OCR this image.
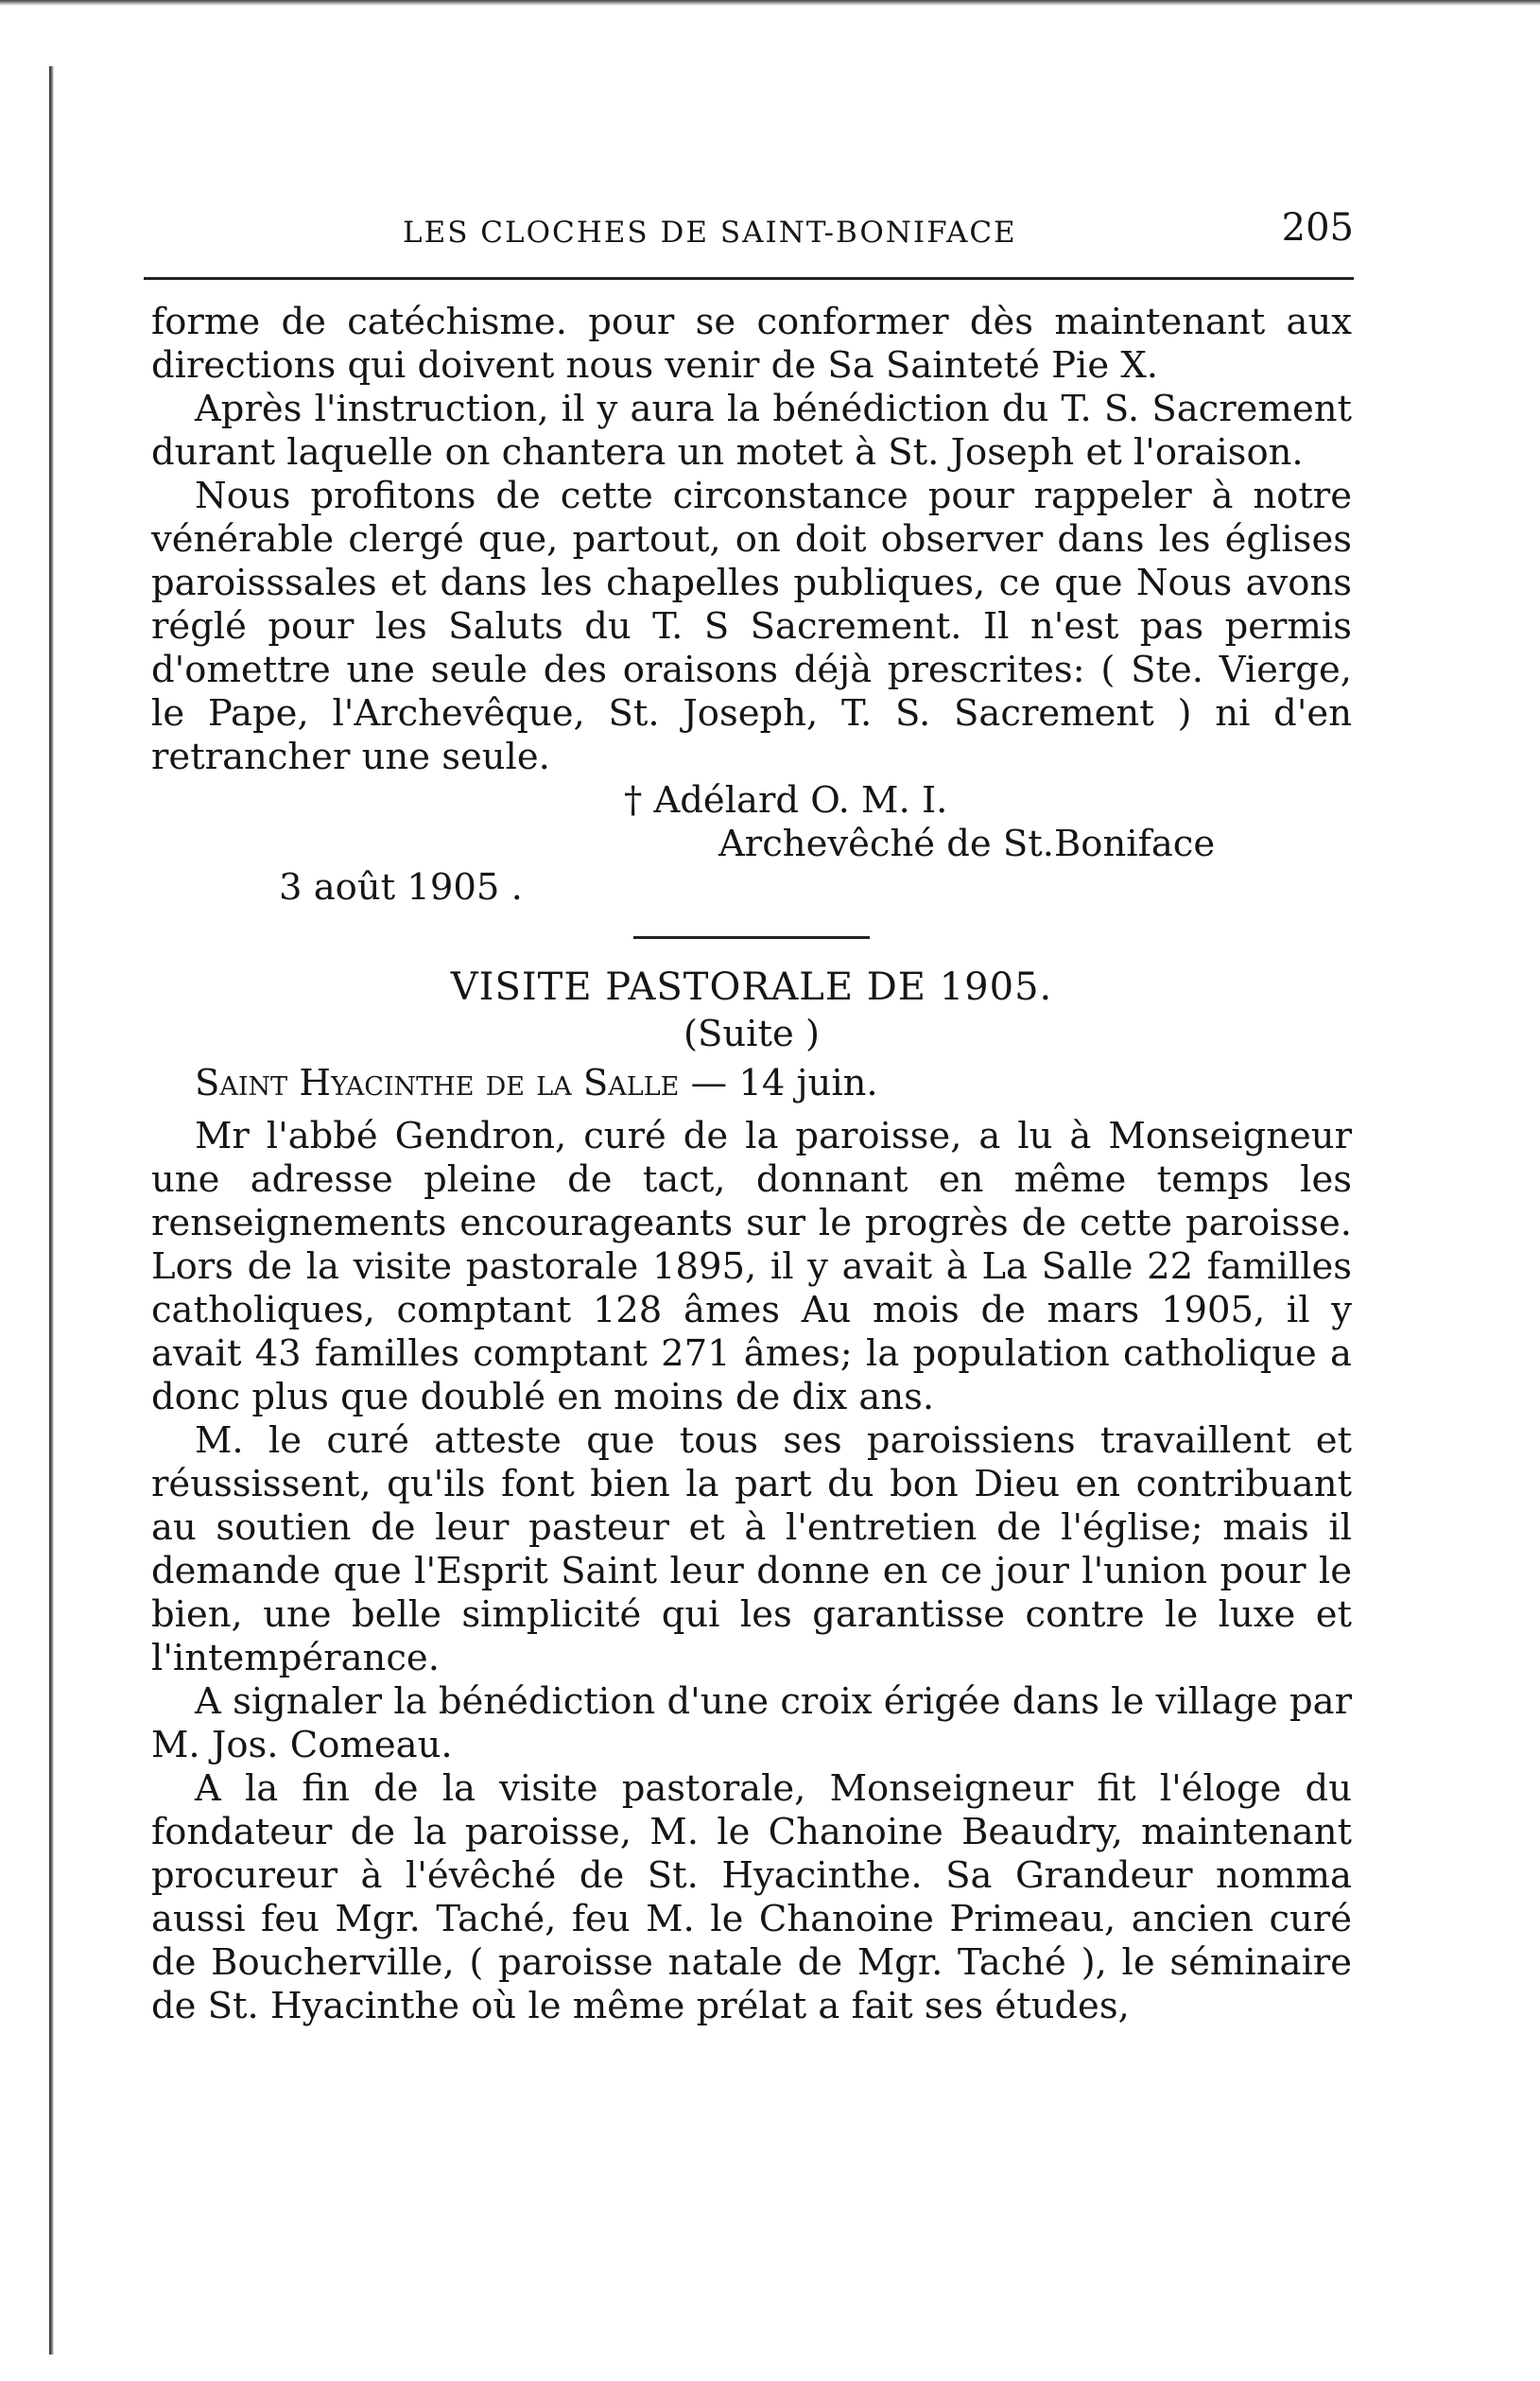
LES CLOCHES DE SAINT-BONIFACE	205

forme de catéchisme. pour se conformer dès maintenant aux directions qui doivent nous venir de Sa Sainteté Pie X.

Après l'instruction, il y aura la bénédiction du T. S. Sacrement durant laquelle on chantera un motet à St. Joseph et l'oraison.

Nous profitons de cette circonstance pour rappeler à notre vénérable clergé que, partout, on doit observer dans les églises paroisssales et dans les chapelles publiques, ce que Nous avons réglé pour les Saluts du T. S Sacrement. Il n'est pas permis d'omettre une seule des oraisons déjà prescrites: ( Ste. Vierge, le Pape, l'Archevêque, St. Joseph, T. S. Sacrement ) ni d'en retrancher une seule.

† Adélard O. M. I.
Archevêché de St.Boniface
3 août 1905 .
VISITE PASTORALE DE 1905.
(Suite )
Saint Hyacinthe de la Salle — 14 juin.

Mr l'abbé Gendron, curé de la paroisse, a lu à Monseigneur une adresse pleine de tact, donnant en même temps les renseignements encourageants sur le progrès de cette paroisse. Lors de la visite pastorale 1895, il y avait à La Salle 22 familles catholiques, comptant 128 âmes Au mois de mars 1905, il y avait 43 familles comptant 271 âmes; la population catholique a donc plus que doublé en moins de dix ans.

M. le curé atteste que tous ses paroissiens travaillent et réussissent, qu'ils font bien la part du bon Dieu en contribuant au soutien de leur pasteur et à l'entretien de l'église; mais il demande que l'Esprit Saint leur donne en ce jour l'union pour le bien, une belle simplicité qui les garantisse contre le luxe et l'intempérance.

A signaler la bénédiction d'une croix érigée dans le village par M. Jos. Comeau.

A la fin de la visite pastorale, Monseigneur fit l'éloge du fondateur de la paroisse, M. le Chanoine Beaudry, maintenant procureur à l'évêché de St. Hyacinthe. Sa Grandeur nomma aussi feu Mgr. Taché, feu M. le Chanoine Primeau, ancien curé de Boucherville, ( paroisse natale de Mgr. Taché ), le séminaire de St. Hyacinthe où le même prélat a fait ses études,
